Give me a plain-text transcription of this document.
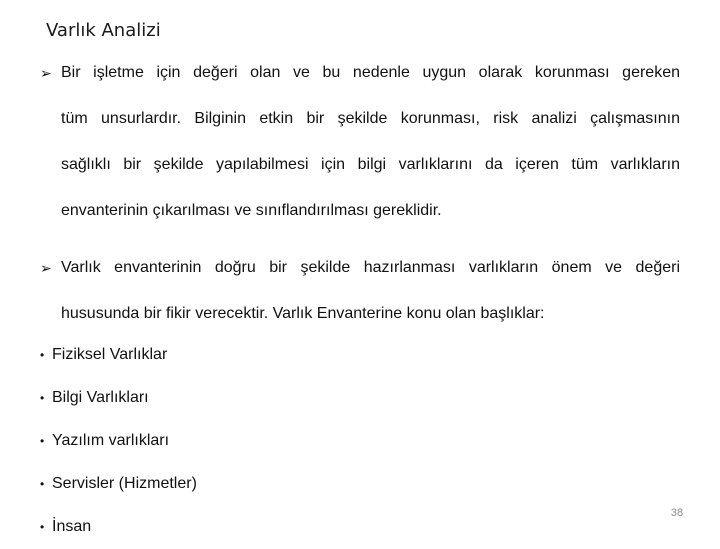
Varlık Analizi
➢ Bir işletme için değeri olan ve bu nedenle uygun olarak korunması gereken
tüm unsurlardır. Bilginin etkin bir şekilde korunması, risk analizi çalışmasının
sağlıklı bir şekilde yapılabilmesi için bilgi varlıklarını da içeren tüm varlıkların
envanterinin çıkarılması ve sınıflandırılması gereklidir.
➢ Varlık envanterinin doğru bir şekilde hazırlanması varlıkların önem ve değeri
hususunda bir fikir verecektir. Varlık Envanterine konu olan başlıklar:
• Fiziksel Varlıklar
• Bilgi Varlıkları
• Yazılım varlıkları
• Servisler (Hizmetler)
• İnsan
38
